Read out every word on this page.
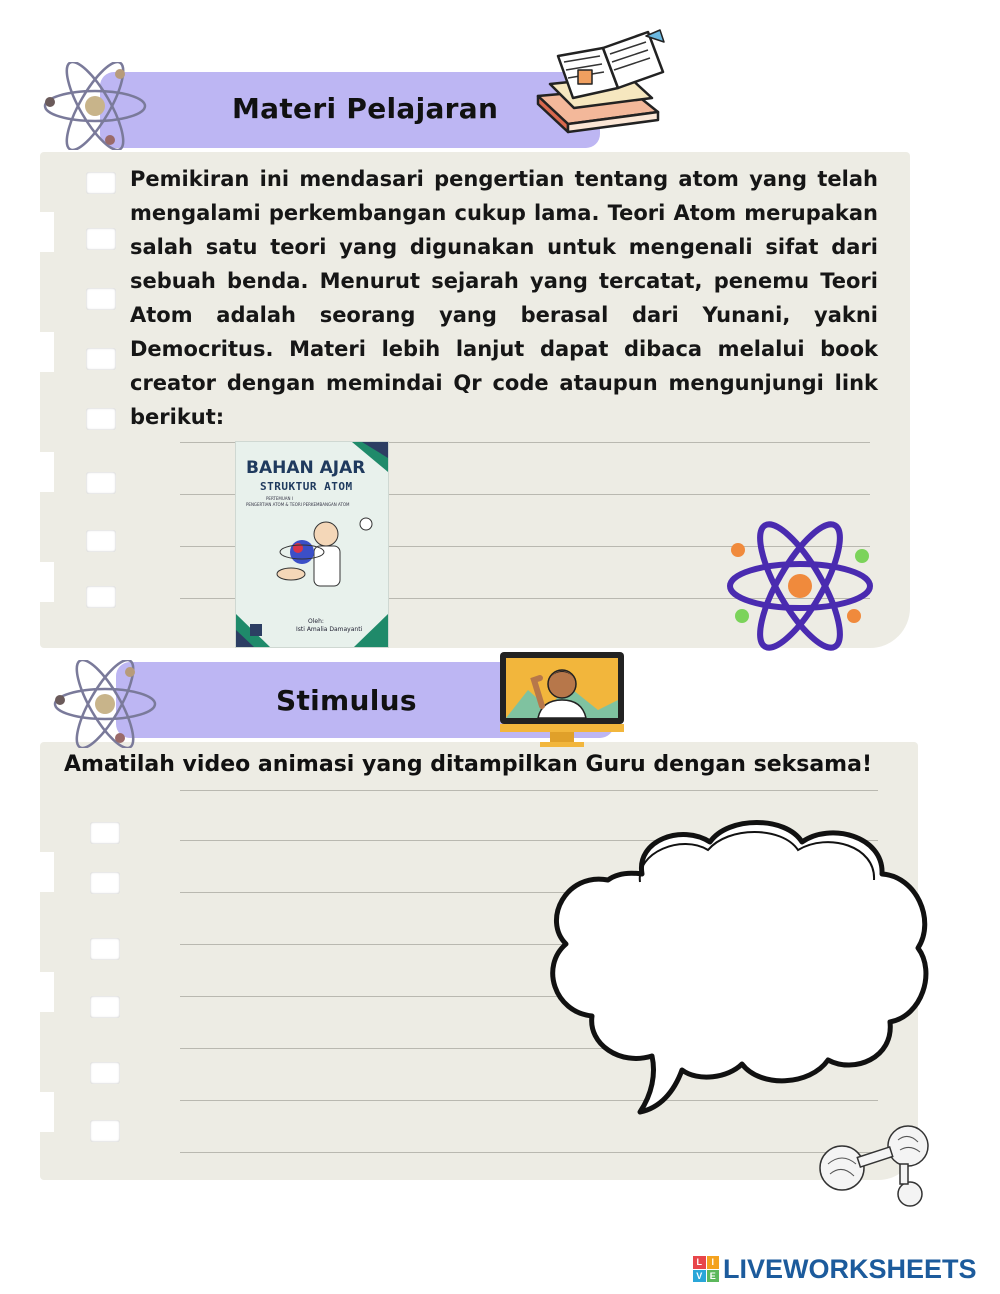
Materi Pelajaran
Pemikiran ini mendasari pengertian tentang atom yang telah mengalami perkembangan cukup lama. Teori Atom merupakan salah satu teori yang digunakan untuk mengenali sifat dari sebuah benda. Menurut sejarah yang tercatat, penemu Teori Atom adalah seorang yang berasal dari Yunani, yakni Democritus. Materi lebih lanjut dapat dibaca melalui book creator dengan memindai Qr code ataupun mengunjungi link berikut:
BAHAN AJAR
STRUKTUR ATOM
PERTEMUAN I
PENGERTIAN ATOM & TEORI PERKEMBANGAN ATOM
Oleh:
Isti Amalia Damayanti
Stimulus
Amatilah video animasi yang ditampilkan Guru dengan seksama!
L	I
V E LIVEWORKSHEETS
